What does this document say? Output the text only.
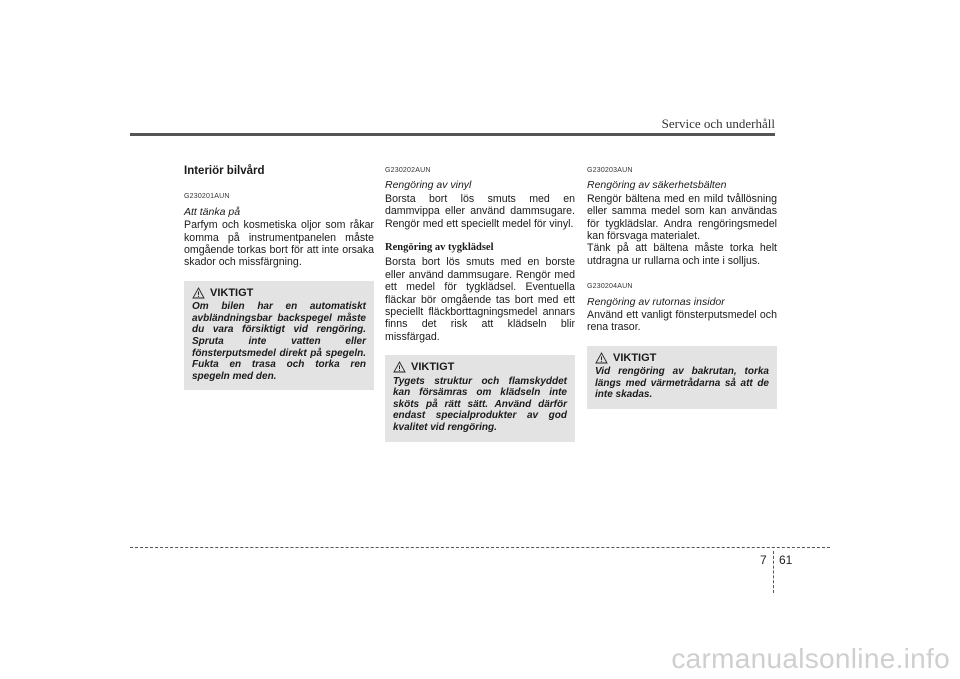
Service och underhåll
Interiör bilvård
G230201AUN
Att tänka på

Parfym och kosmetiska oljor som råkar komma på instrumentpanelen måste omgående torkas bort för att inte orsaka skador och missfärgning.

VIKTIGT
Om bilen har en automatiskt avbländningsbar backspegel måste du vara försiktigt vid rengöring. Spruta inte vatten eller fönsterputsmedel direkt på spegeln. Fukta en trasa och torka ren spegeln med den.
G230202AUN
Rengöring av vinyl

Borsta bort lös smuts med en dammvippa eller använd dammsugare. Rengör med ett speciellt medel för vinyl.

Rengöring av tygklädsel

Borsta bort lös smuts med en borste eller använd dammsugare. Rengör med ett medel för tygklädsel. Eventuella fläckar bör omgående tas bort med ett speciellt fläckborttagningsmedel annars finns det risk att klädseln blir missfärgad.

VIKTIGT
Tygets struktur och flamskyddet kan försämras om klädseln inte sköts på rätt sätt. Använd därför endast specialprodukter av god kvalitet vid rengöring.
G230203AUN
Rengöring av säkerhetsbälten

Rengör bältena med en mild tvållösning eller samma medel som kan användas för tygklädslar. Andra rengöringsmedel kan försvaga materialet.

Tänk på att bältena måste torka helt utdragna ur rullarna och inte i solljus.

G230204AUN
Rengöring av rutornas insidor

Använd ett vanligt fönsterputsmedel och rena trasor.

VIKTIGT
Vid rengöring av bakrutan, torka längs med värmetrådarna så att de inte skadas.
7 61
carmanualsonline.info
